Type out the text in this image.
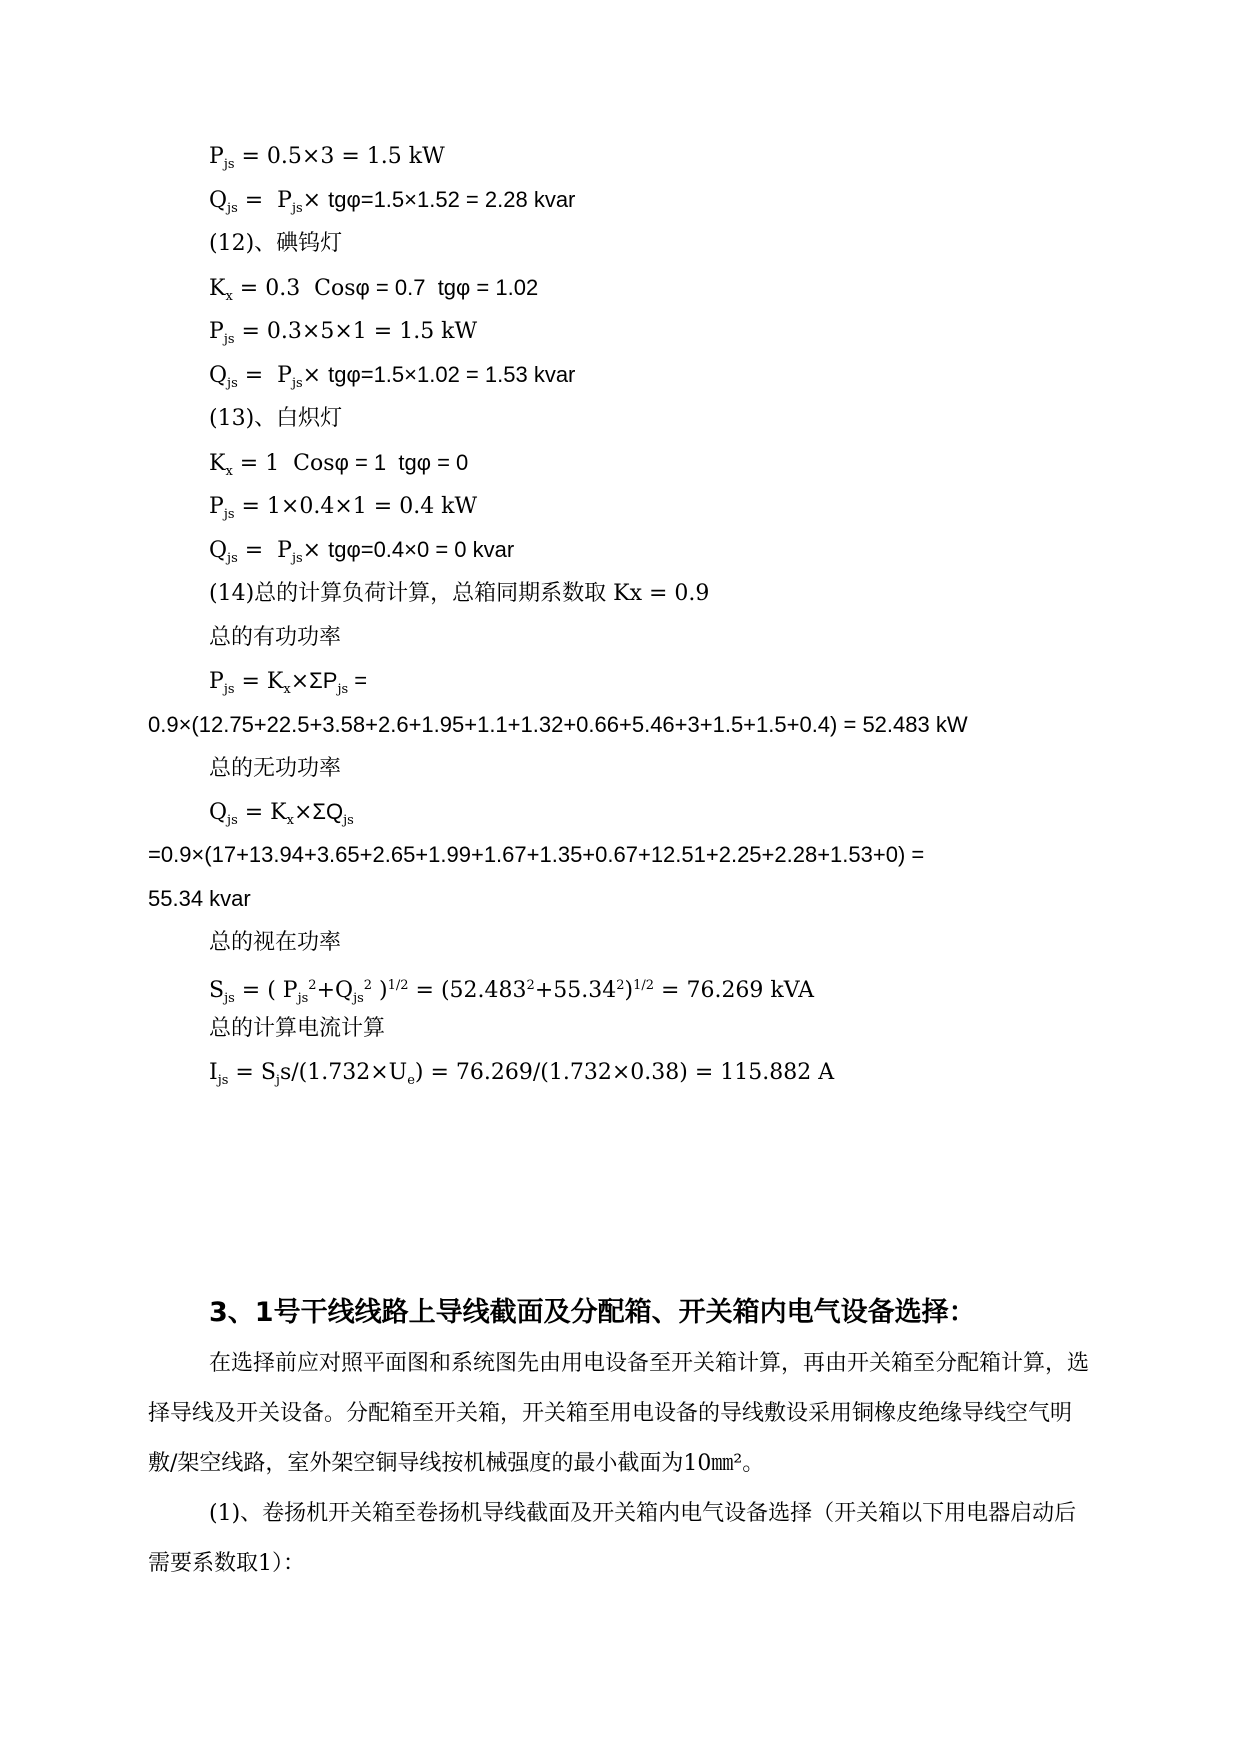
$P_{js} = 0.5\times 3 = 1.5$ kW
$Q_{js} = P_{js}\times tg\varphi=1.5\times 1.52 = 2.28$ kvar
(12)、碘钨灯
$K_x = 0.3$  Cosφ = 0.7  tgφ = 1.02
$P_{js} = 0.3\times 5\times 1 = 1.5$ kW
$Q_{js} = P_{js}\times tg\varphi=1.5\times 1.02 = 1.53$ kvar
(13)、白炽灯
$K_x = 1$  Cosφ = 1  tgφ = 0
$P_{js} = 1\times 0.4\times 1 = 0.4$ kW
$Q_{js} = P_{js}\times tg\varphi=0.4\times 0 = 0$ kvar
(14)总的计算负荷计算，总箱同期系数取 Kx = 0.9
总的有功功率
$P_{js} = K_x\times\Sigma P_{js}$ =
0.9×(12.75+22.5+3.58+2.6+1.95+1.1+1.32+0.66+5.46+3+1.5+1.5+0.4) = 52.483 kW
总的无功功率
$Q_{js} = K_x\times\Sigma Q_{js}$
=0.9×(17+13.94+3.65+2.65+1.99+1.67+1.35+0.67+12.51+2.25+2.28+1.53+0) =
55.34 kvar
总的视在功率
$S_{js}$ = ( $P_{js}^2+Q_{js}^2$ )$^{1/2} = (52.483^2+55.34^2)^{1/2} = 76.269$ kVA
总的计算电流计算
$I_{js} = S_js/(1.732\times U_e) = 76.269/(1.732\times 0.38) = 115.882$ A
3、1号干线线路上导线截面及分配箱、开关箱内电气设备选择：
在选择前应对照平面图和系统图先由用电设备至开关箱计算，再由开关箱至分配箱计算，选择导线及开关设备。分配箱至开关箱，开关箱至用电设备的导线敷设采用铜橡皮绝缘导线空气明敷/架空线路，室外架空铜导线按机械强度的最小截面为10㎜²。
(1)、卷扬机开关箱至卷扬机导线截面及开关箱内电气设备选择（开关箱以下用电器启动后需要系数取1）：
